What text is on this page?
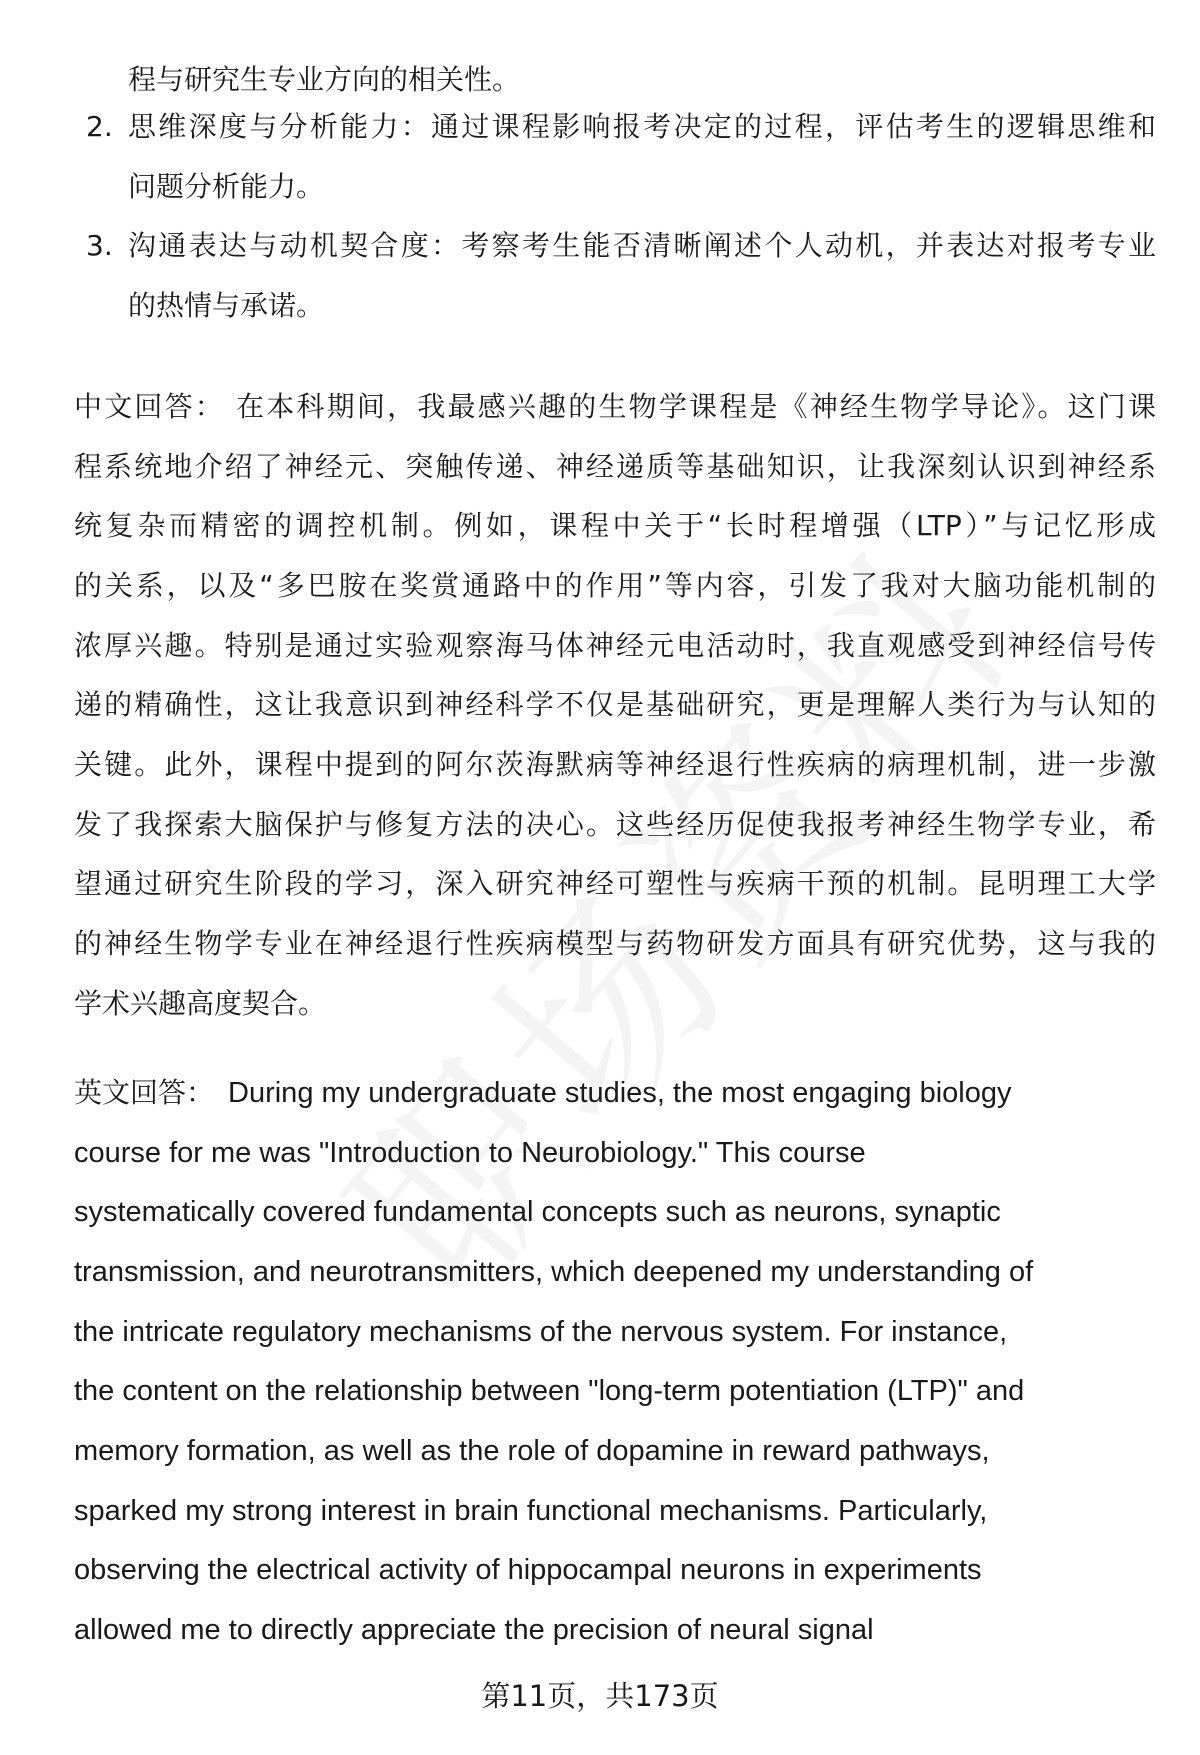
程与研究生专业方向的相关性。
2. 思维深度与分析能力：通过课程影响报考决定的过程，评估考生的逻辑思维和
问题分析能力。
3. 沟通表达与动机契合度：考察考生能否清晰阐述个人动机，并表达对报考专业
的热情与承诺。
中文回答： 在本科期间，我最感兴趣的生物学课程是《神经生物学导论》。这门课
程系统地介绍了神经元、突触传递、神经递质等基础知识，让我深刻认识到神经系
统复杂而精密的调控机制。例如，课程中关于“长时程增强（LTP）”与记忆形成
的关系，以及“多巴胺在奖赏通路中的作用”等内容，引发了我对大脑功能机制的
浓厚兴趣。特别是通过实验观察海马体神经元电活动时，我直观感受到神经信号传
递的精确性，这让我意识到神经科学不仅是基础研究，更是理解人类行为与认知的
关键。此外，课程中提到的阿尔茨海默病等神经退行性疾病的病理机制，进一步激
发了我探索大脑保护与修复方法的决心。这些经历促使我报考神经生物学专业，希
望通过研究生阶段的学习，深入研究神经可塑性与疾病干预的机制。昆明理工大学
的神经生物学专业在神经退行性疾病模型与药物研发方面具有研究优势，这与我的
学术兴趣高度契合。
英文回答： During my undergraduate studies, the most engaging biology
course for me was "Introduction to Neurobiology." This course
systematically covered fundamental concepts such as neurons, synaptic
transmission, and neurotransmitters, which deepened my understanding of
the intricate regulatory mechanisms of the nervous system. For instance,
the content on the relationship between "long-term potentiation (LTP)" and
memory formation, as well as the role of dopamine in reward pathways,
sparked my strong interest in brain functional mechanisms. Particularly,
observing the electrical activity of hippocampal neurons in experiments
allowed me to directly appreciate the precision of neural signal
第11页，共173页
